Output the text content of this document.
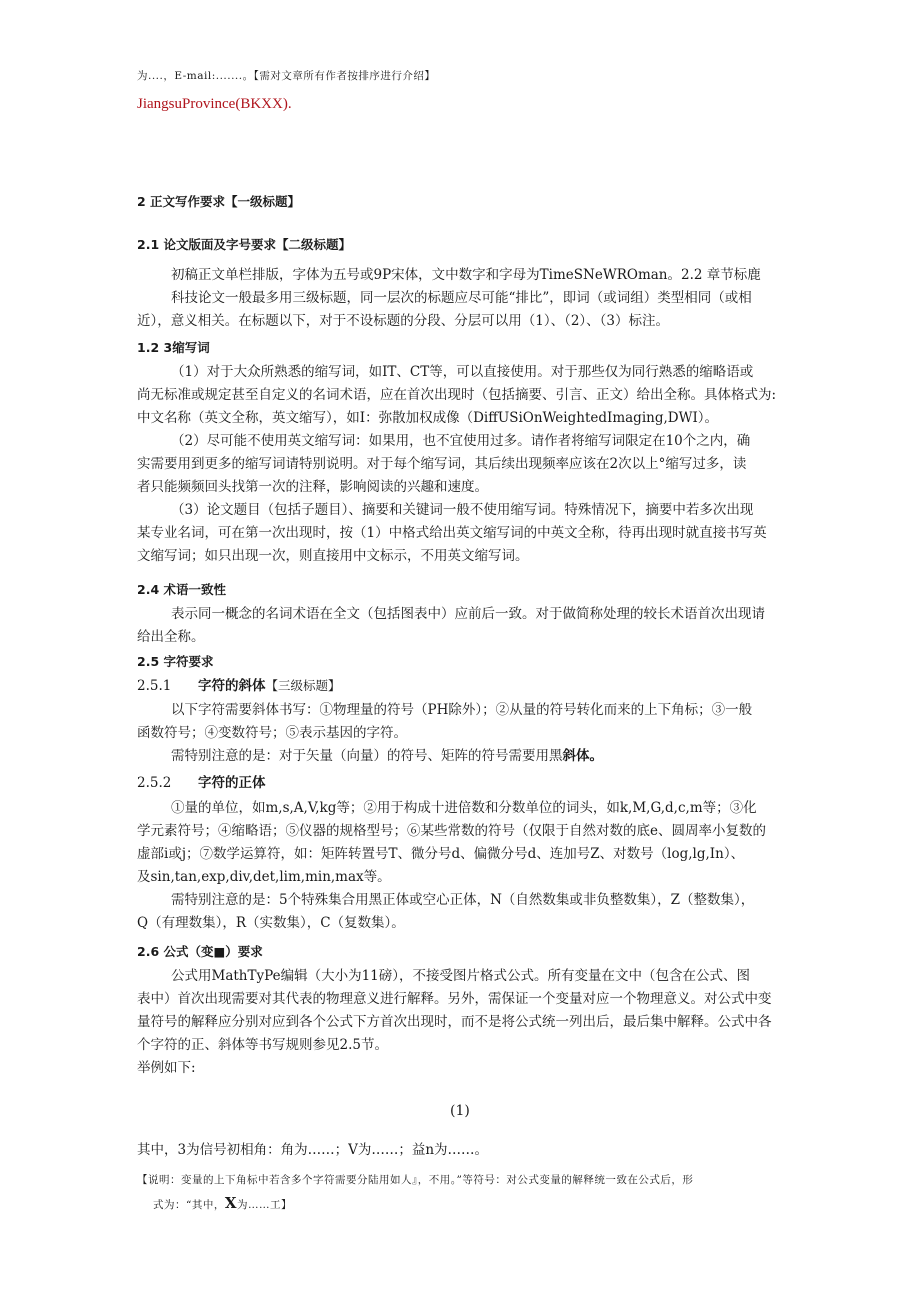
为....，E-mail:.......。【需对文章所有作者按排序进行介绍】
JiangsuProvince(BKXX).
2 正文写作要求【一级标题】
2.1 论文版面及字号要求【二级标题】
初稿正文单栏排版，字体为五号或9P宋体，文中数字和字母为TimeSNeWROman。2.2 章节标鹿
科技论文一般最多用三级标题，同一层次的标题应尽可能“排比”，即词（或词组）类型相同（或相
近），意义相关。在标题以下，对于不设标题的分段、分层可以用（1）、（2）、（3）标注。
1.2 3缩写词
（1）对于大众所熟悉的缩写词，如IT、CT等，可以直接使用。对于那些仅为同行熟悉的缩略语或
尚无标准或规定甚至自定义的名词术语，应在首次出现时（包括摘要、引言、正文）给出全称。具体格式为:
中文名称（英文全称，英文缩写），如I：弥散加权成像（DiffUSiOnWeightedImaging,DWI）。
（2）尽可能不使用英文缩写词：如果用，也不宜使用过多。请作者将缩写词限定在10个之内，确
实需要用到更多的缩写词请特别说明。对于每个缩写词，其后续出现频率应该在2次以上°缩写过多，读
者只能频频回头找第一次的注释，影响阅读的兴趣和速度。
（3）论文题目（包括子题目）、摘要和关键词一般不使用缩写词。特殊情况下，摘要中若多次出现
某专业名词，可在第一次出现时，按（1）中格式给出英文缩写词的中英文全称，待再出现时就直接书写英
文缩写词；如只出现一次，则直接用中文标示，不用英文缩写词。
2.4 术语一致性
表示同一概念的名词术语在全文（包括图表中）应前后一致。对于做简称处理的较长术语首次出现请
给出全称。
2.5 字符要求
2.5.1 字符的斜体【三级标题】
以下字符需要斜体书写：①物理量的符号（PH除外）；②从量的符号转化而来的上下角标；③一般
函数符号；④变数符号；⑤表示基因的字符。
需特别注意的是：对于矢量（向量）的符号、矩阵的符号需要用黑斜体。
2.5.2 字符的正体
①量的单位，如m,s,A,V,kg等；②用于构成十进倍数和分数单位的词头，如k,M,G,d,c,m等；③化
学元素符号；④缩略语；⑤仪器的规格型号；⑥某些常数的符号（仅限于自然对数的底e、圆周率小复数的
虚部i或j；⑦数学运算符，如：矩阵转置号T、微分号d、偏微分号d、连加号Z、对数号（log,lg,In）、
及sin,tan,exp,div,det,lim,min,max等。
需特别注意的是：5个特殊集合用黑正体或空心正体，N（自然数集或非负整数集），Z（整数集），
Q（有理数集），R（实数集），C（复数集）。
2.6 公式（变■）要求
公式用MathTyPe编辑（大小为11磅），不接受图片格式公式。所有变量在文中（包含在公式、图
表中）首次出现需要对其代表的物理意义进行解释。另外，需保证一个变量对应一个物理意义。对公式中变
量符号的解释应分别对应到各个公式下方首次出现时，而不是将公式统一列出后，最后集中解释。公式中各
个字符的正、斜体等书写规则参见2.5节。
举例如下:
(1)
其中，3为信号初相角：角为……；V为……；益n为……。
【说明：变量的上下角标中若含多个字符需要分陆用如人』，不用。”等符号：对公式变量的解释统一致在公式后，形
式为：“其中，X为……工】
